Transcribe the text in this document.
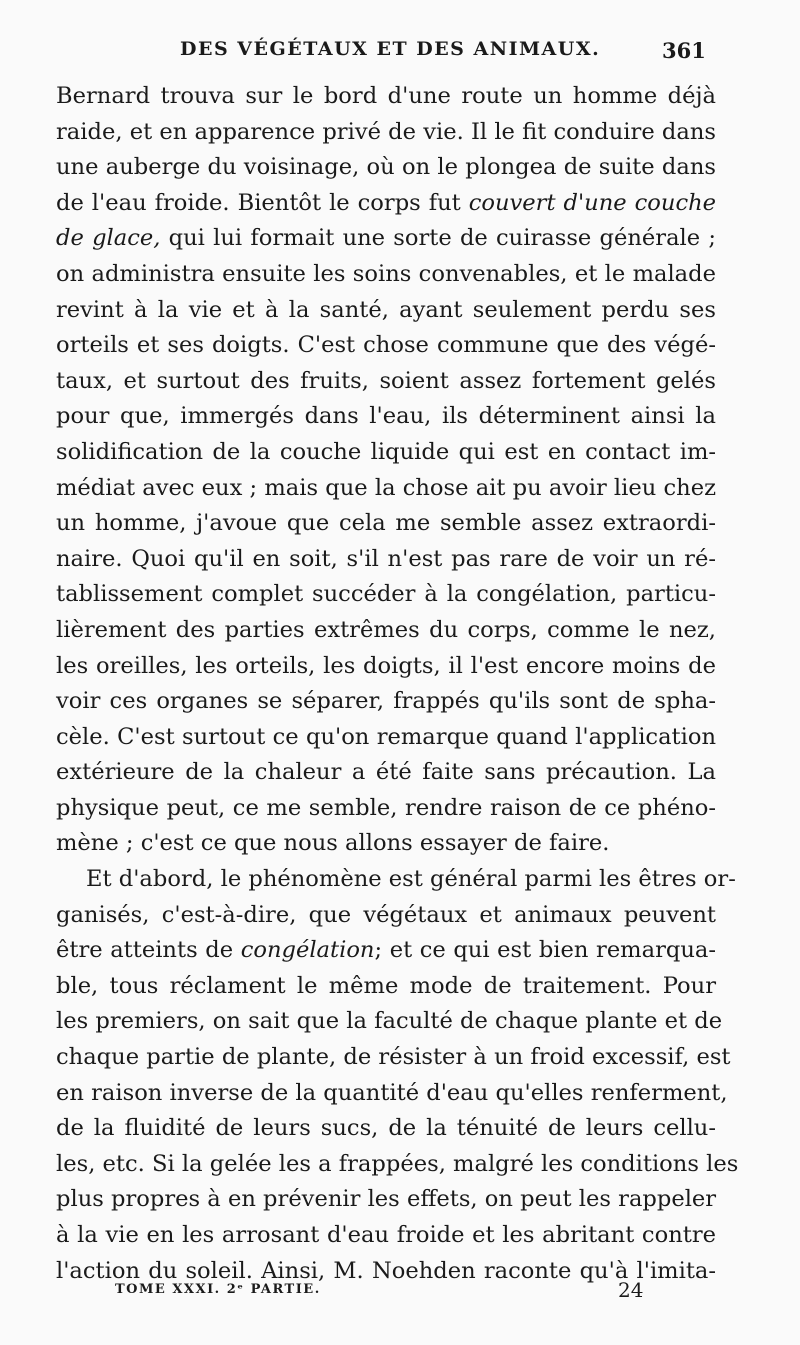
DES VÉGÉTAUX ET DES ANIMAUX.	361
Bernard trouva sur le bord d'une route un homme déjà
raide, et en apparence privé de vie. Il le fit conduire dans
une auberge du voisinage, où on le plongea de suite dans
de l'eau froide. Bientôt le corps fut couvert d'une couche
de glace, qui lui formait une sorte de cuirasse générale ;
on administra ensuite les soins convenables, et le malade
revint à la vie et à la santé, ayant seulement perdu ses
orteils et ses doigts. C'est chose commune que des végé-
taux, et surtout des fruits, soient assez fortement gelés
pour que, immergés dans l'eau, ils déterminent ainsi la
solidification de la couche liquide qui est en contact im-
médiat avec eux ; mais que la chose ait pu avoir lieu chez
un homme, j'avoue que cela me semble assez extraordi-
naire. Quoi qu'il en soit, s'il n'est pas rare de voir un ré-
tablissement complet succéder à la congélation, particu-
lièrement des parties extrêmes du corps, comme le nez,
les oreilles, les orteils, les doigts, il l'est encore moins de
voir ces organes se séparer, frappés qu'ils sont de spha-
cèle. C'est surtout ce qu'on remarque quand l'application
extérieure de la chaleur a été faite sans précaution. La
physique peut, ce me semble, rendre raison de ce phéno-
mène ; c'est ce que nous allons essayer de faire.
Et d'abord, le phénomène est général parmi les êtres or-
ganisés, c'est-à-dire, que végétaux et animaux peuvent
être atteints de congélation; et ce qui est bien remarqua-
ble, tous réclament le même mode de traitement. Pour
les premiers, on sait que la faculté de chaque plante et de
chaque partie de plante, de résister à un froid excessif, est
en raison inverse de la quantité d'eau qu'elles renferment,
de la fluidité de leurs sucs, de la ténuité de leurs cellu-
les, etc. Si la gelée les a frappées, malgré les conditions les
plus propres à en prévenir les effets, on peut les rappeler
à la vie en les arrosant d'eau froide et les abritant contre
l'action du soleil. Ainsi, M. Noehden raconte qu'à l'imita-
TOME XXXI. 2ᵉ PARTIE.	24
